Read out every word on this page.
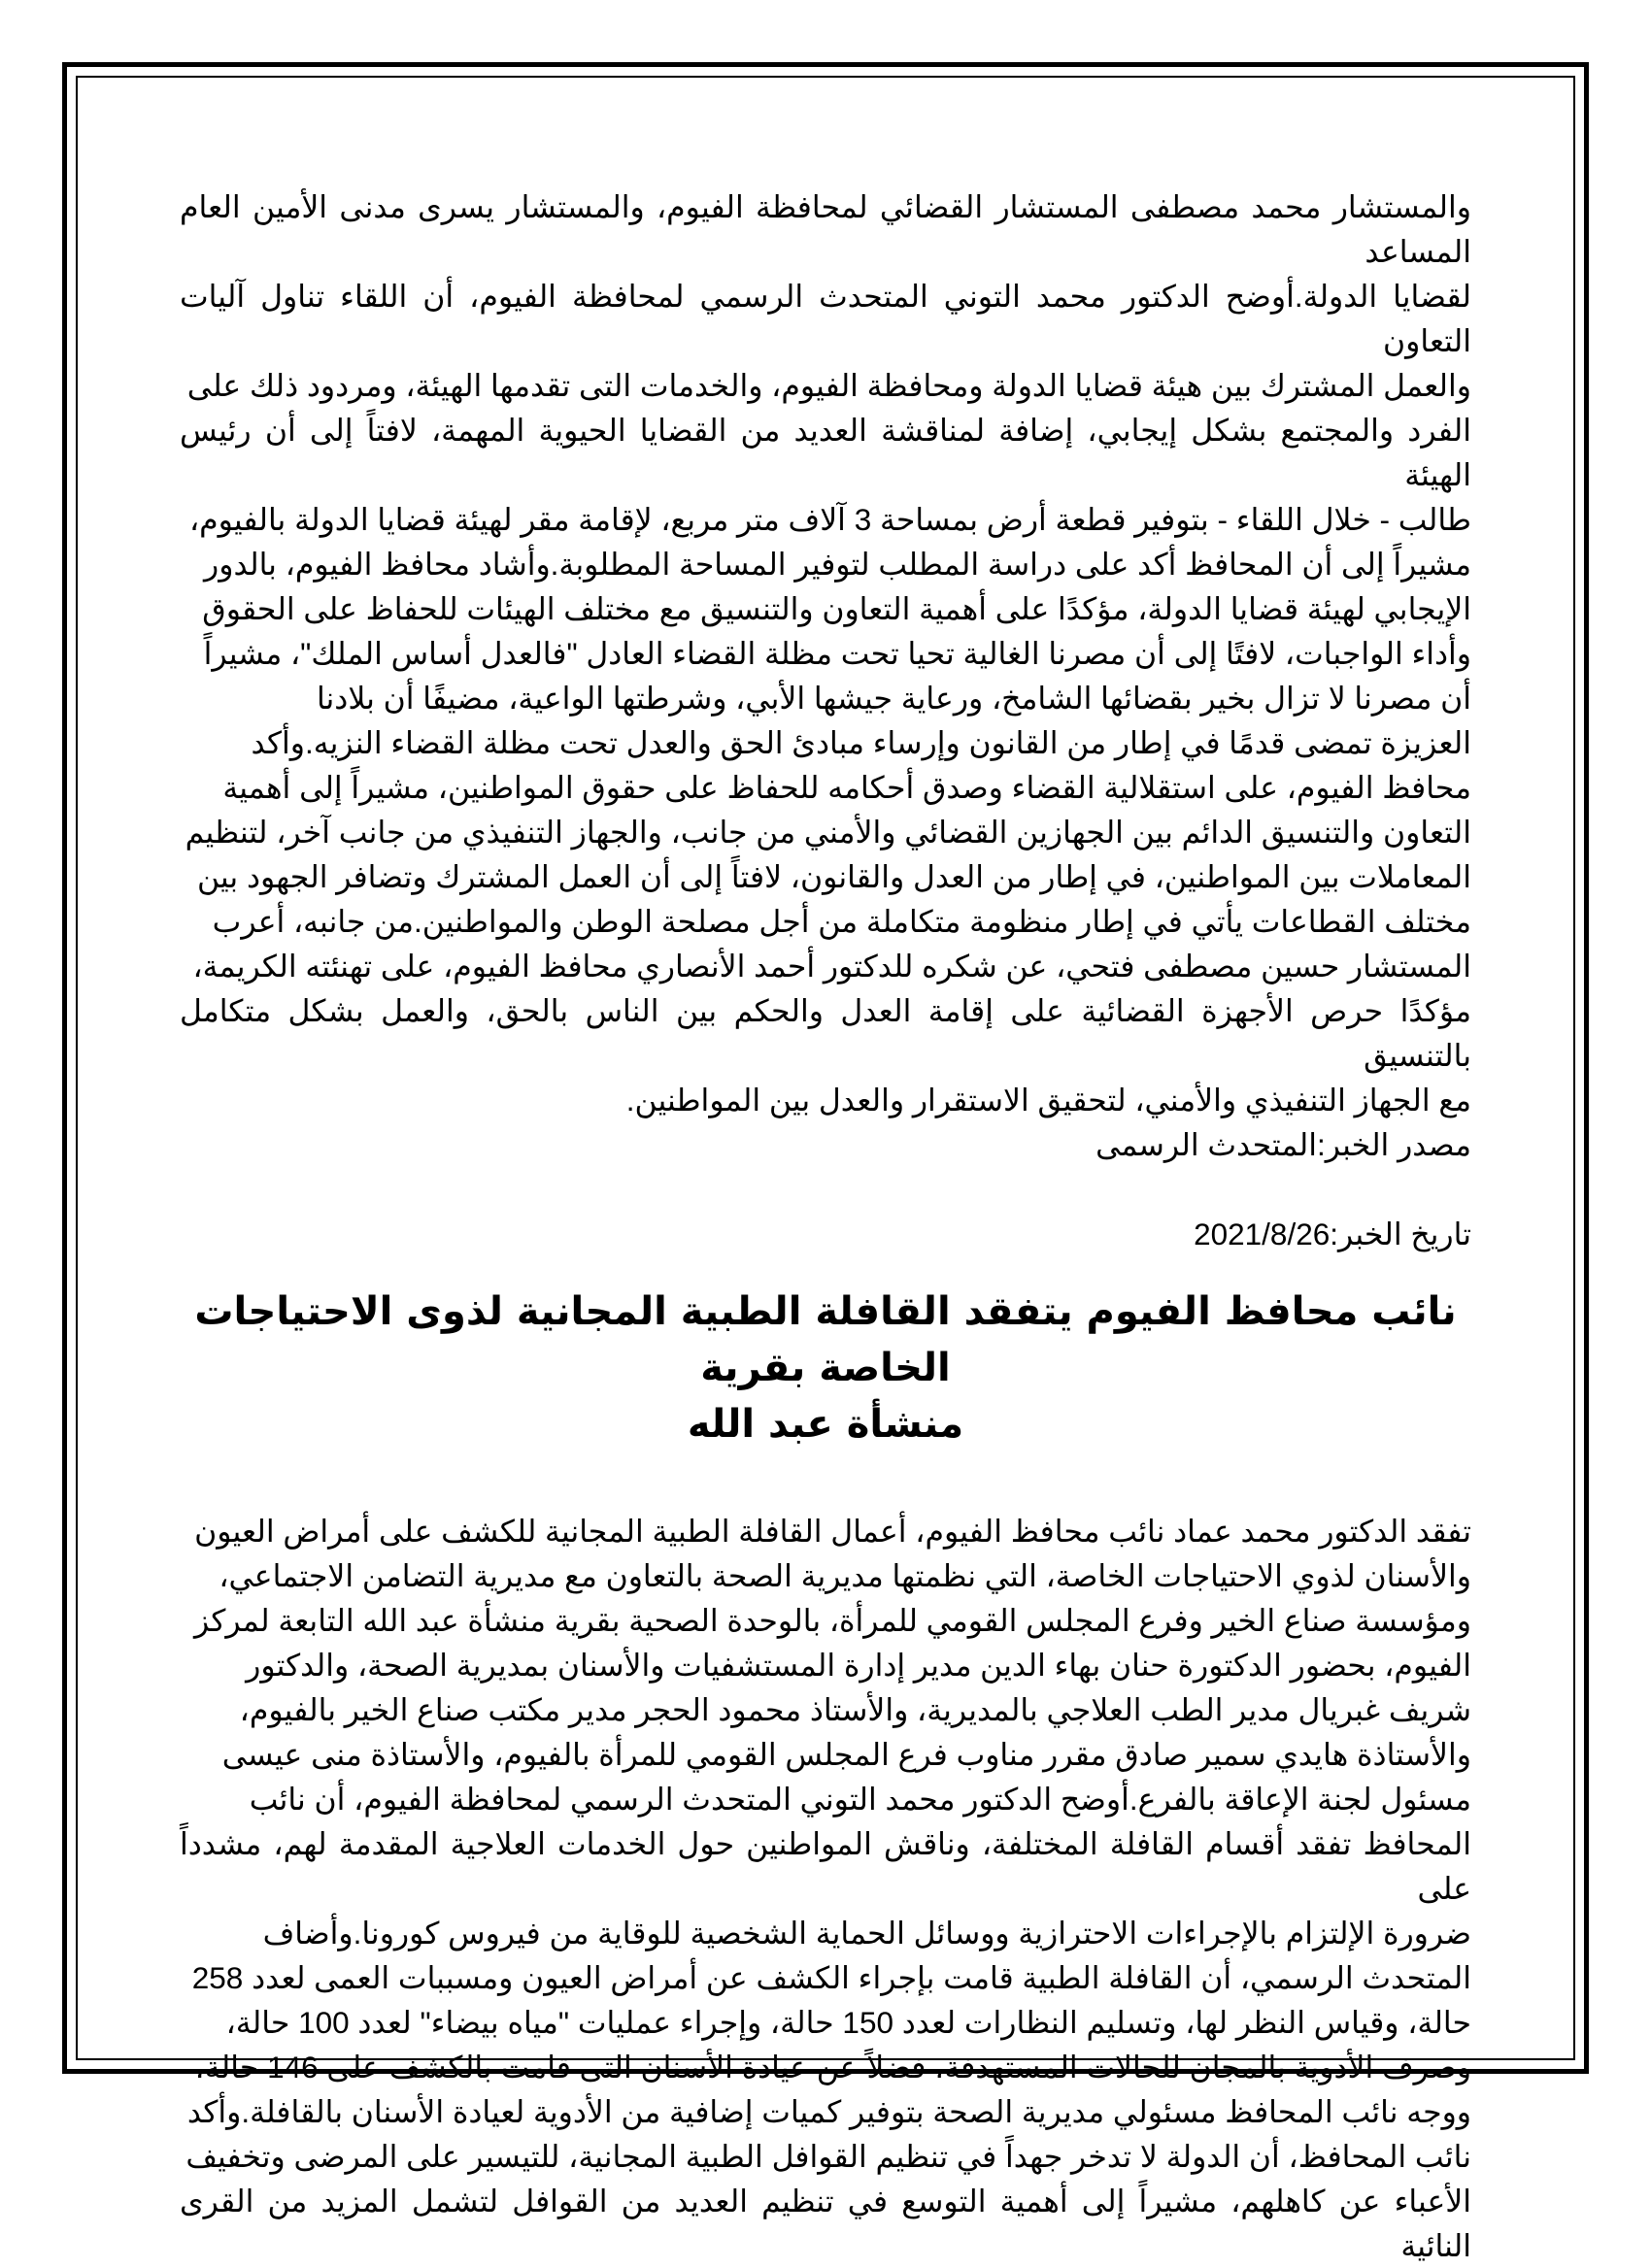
والمستشار محمد مصطفى المستشار القضائي لمحافظة الفيوم، والمستشار يسرى مدنى الأمين العام المساعد
لقضايا الدولة.أوضح الدكتور محمد التوني المتحدث الرسمي لمحافظة الفيوم، أن اللقاء تناول آليات التعاون
والعمل المشترك بين هيئة قضايا الدولة ومحافظة الفيوم، والخدمات التى تقدمها الهيئة، ومردود ذلك على
الفرد والمجتمع بشكل إيجابي، إضافة لمناقشة العديد من القضايا الحيوية المهمة، لافتاً إلى أن رئيس الهيئة
طالب - خلال اللقاء - بتوفير قطعة أرض بمساحة 3 آلاف متر مربع، لإقامة مقر لهيئة قضايا الدولة بالفيوم،
مشيراً إلى أن المحافظ أكد على دراسة المطلب لتوفير المساحة المطلوبة.وأشاد محافظ الفيوم، بالدور
الإيجابي لهيئة قضايا الدولة، مؤكدًا على أهمية التعاون والتنسيق مع مختلف الهيئات للحفاظ على الحقوق
وأداء الواجبات، لافتًا إلى أن مصرنا الغالية تحيا تحت مظلة القضاء العادل "فالعدل أساس الملك"، مشيراً
أن مصرنا لا تزال بخير بقضائها الشامخ، ورعاية جيشها الأبي، وشرطتها الواعية، مضيفًا أن بلادنا
العزيزة تمضى قدمًا في إطار من القانون وإرساء مبادئ الحق والعدل تحت مظلة القضاء النزيه.وأكد
محافظ الفيوم، على استقلالية القضاء وصدق أحكامه للحفاظ على حقوق المواطنين، مشيراً إلى أهمية
التعاون والتنسيق الدائم بين الجهازين القضائي والأمني من جانب، والجهاز التنفيذي من جانب آخر، لتنظيم
المعاملات بين المواطنين، في إطار من العدل والقانون، لافتاً إلى أن العمل المشترك وتضافر الجهود بين
مختلف القطاعات يأتي في إطار منظومة متكاملة من أجل مصلحة الوطن والمواطنين.من جانبه، أعرب
المستشار حسين مصطفى فتحي، عن شكره للدكتور أحمد الأنصاري محافظ الفيوم، على تهنئته الكريمة،
مؤكدًا حرص الأجهزة القضائية على إقامة العدل والحكم بين الناس بالحق، والعمل بشكل متكامل بالتنسيق
مع الجهاز التنفيذي والأمني، لتحقيق الاستقرار والعدل بين المواطنين.

مصدر الخبر:المتحدث الرسمى

تاريخ الخبر:2021/8/26

نائب محافظ الفيوم يتفقد القافلة الطبية المجانية لذوى الاحتياجات الخاصة بقرية
منشأة عبد الله

تفقد الدكتور محمد عماد نائب محافظ الفيوم، أعمال القافلة الطبية المجانية للكشف على أمراض العيون
والأسنان لذوي الاحتياجات الخاصة، التي نظمتها مديرية الصحة بالتعاون مع مديرية التضامن الاجتماعي،
ومؤسسة صناع الخير وفرع المجلس القومي للمرأة، بالوحدة الصحية بقرية منشأة عبد الله التابعة لمركز
الفيوم، بحضور الدكتورة حنان بهاء الدين مدير إدارة المستشفيات والأسنان بمديرية الصحة، والدكتور
شريف غبريال مدير الطب العلاجي بالمديرية، والأستاذ محمود الحجر مدير مكتب صناع الخير بالفيوم،
والأستاذة هايدي سمير صادق مقرر مناوب فرع المجلس القومي للمرأة بالفيوم، والأستاذة منى عيسى
مسئول لجنة الإعاقة بالفرع.أوضح الدكتور محمد التوني المتحدث الرسمي لمحافظة الفيوم، أن نائب
المحافظ تفقد أقسام القافلة المختلفة، وناقش المواطنين حول الخدمات العلاجية المقدمة لهم، مشدداً على
ضرورة الإلتزام بالإجراءات الاحترازية ووسائل الحماية الشخصية للوقاية من فيروس كورونا.وأضاف
المتحدث الرسمي، أن القافلة الطبية قامت بإجراء الكشف عن أمراض العيون ومسببات العمى لعدد 258
حالة، وقياس النظر لها، وتسليم النظارات لعدد 150 حالة، وإجراء عمليات "مياه بيضاء" لعدد 100 حالة،
وصرف الأدوية بالمجان للحالات المستهدفة، فضلاً عن عيادة الأسنان التى قامت بالكشف على 146 حالة،
ووجه نائب المحافظ مسئولي مديرية الصحة بتوفير كميات إضافية من الأدوية لعيادة الأسنان بالقافلة.وأكد
نائب المحافظ، أن الدولة لا تدخر جهداً في تنظيم القوافل الطبية المجانية، للتيسير على المرضى وتخفيف
الأعباء عن كاهلهم، مشيراً إلى أهمية التوسع في تنظيم العديد من القوافل لتشمل المزيد من القرى النائية
